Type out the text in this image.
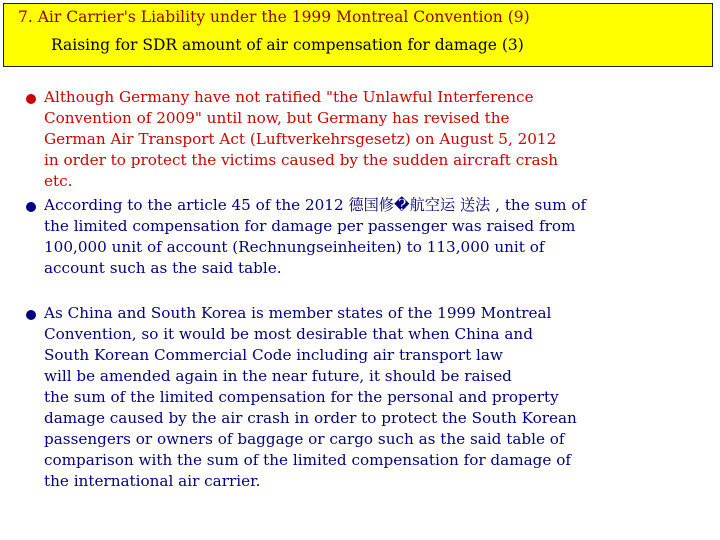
7. Air Carrier's Liability under the 1999 Montreal Convention (9)
Raising for SDR amount of air compensation for damage (3)
Although Germany have not ratified "the Unlawful Interference
Convention of 2009" until now, but Germany has revised the
German Air Transport Act (Luftverkehrsgesetz) on August 5, 2012
in order to protect the victims caused by the sudden aircraft crash
etc.
According to the article 45 of the 2012 德国修�航空运 送法 , the sum of
the limited compensation for damage per passenger was raised from
100,000 unit of account (Rechnungseinheiten) to 113,000 unit of
account such as the said table.
As China and South Korea is member states of the 1999 Montreal
Convention, so it would be most desirable that when China and
South Korean Commercial Code including air transport law
will be amended again in the near future, it should be raised
the sum of the limited compensation for the personal and property
damage caused by the air crash in order to protect the South Korean
passengers or owners of baggage or cargo such as the said table of
comparison with the sum of the limited compensation for damage of
the international air carrier.
